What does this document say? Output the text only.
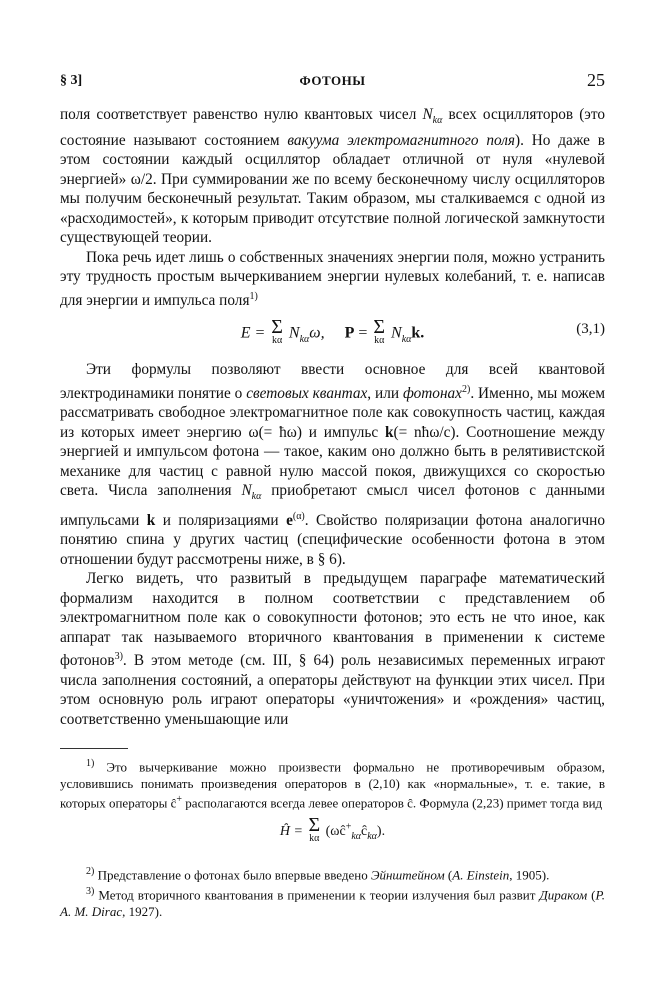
§ 3]	ФОТОНЫ	25

поля соответствует равенство нулю квантовых чисел $N_{k\alpha}$ всех осцилляторов (это состояние называют состоянием вакуума электромагнитного поля). Но даже в этом состоянии каждый осциллятор обладает отличной от нуля «нулевой энергией» ω/2. При суммировании же по всему бесконечному числу осцилляторов мы получим бесконечный результат. Таким образом, мы сталкиваемся с одной из «расходимостей», к которым приводит отсутствие полной логической замкнутости существующей теории.

Пока речь идет лишь о собственных значениях энергии поля, можно устранить эту трудность простым вычеркиванием энергии нулевых колебаний, т. е. написав для энергии и импульса поля$^{1)}$

E = Σ
kα $N_{k\alpha}\omega$, P = Σ
kα $N_{k\alpha}k$.	(3,1)

Эти формулы позволяют ввести основное для всей квантовой электродинамики понятие о световых квантах, или фотонах$^{2)}$. Именно, мы можем рассматривать свободное электромагнитное поле как совокупность частиц, каждая из которых имеет энергию ω(= ħω) и импульс k(= nħω/c). Соотношение между энергией и импульсом фотона — такое, каким оно должно быть в релятивистской механике для частиц с равной нулю массой покоя, движущихся со скоростью света. Числа заполнения $N_{k\alpha}$ приобретают смысл чисел фотонов с данными импульсами k и поляризациями $e^{(\alpha)}$. Свойство поляризации фотона аналогично понятию спина у других частиц (специфические особенности фотона в этом отношении будут рассмотрены ниже, в § 6).

Легко видеть, что развитый в предыдущем параграфе математический формализм находится в полном соответствии с представлением об электромагнитном поле как о совокупности фотонов; это есть не что иное, как аппарат так называемого вторичного квантования в применении к системе фотонов$^{3)}$. В этом методе (см. III, § 64) роль независимых переменных играют числа заполнения состояний, а операторы действуют на функции этих чисел. При этом основную роль играют операторы «уничтожения» и «рождения» частиц, соответственно уменьшающие или

$^{1)}$ Это вычеркивание можно произвести формально не противоречивым образом, условившись понимать произведения операторов в (2,10) как «нормальные», т. е. такие, в которых операторы ĉ+ располагаются всегда левее операторов ĉ. Формула (2,23) примет тогда вид

Ĥ = Σ
kα $(\omega ĉ^+_{k\alpha}ĉ_{k\alpha})$.

$^{2)}$ Представление о фотонах было впервые введено Эйнштейном (A. Einstein, 1905).

$^{3)}$ Метод вторичного квантования в применении к теории излучения был развит Дираком (P. A. M. Dirac, 1927).
